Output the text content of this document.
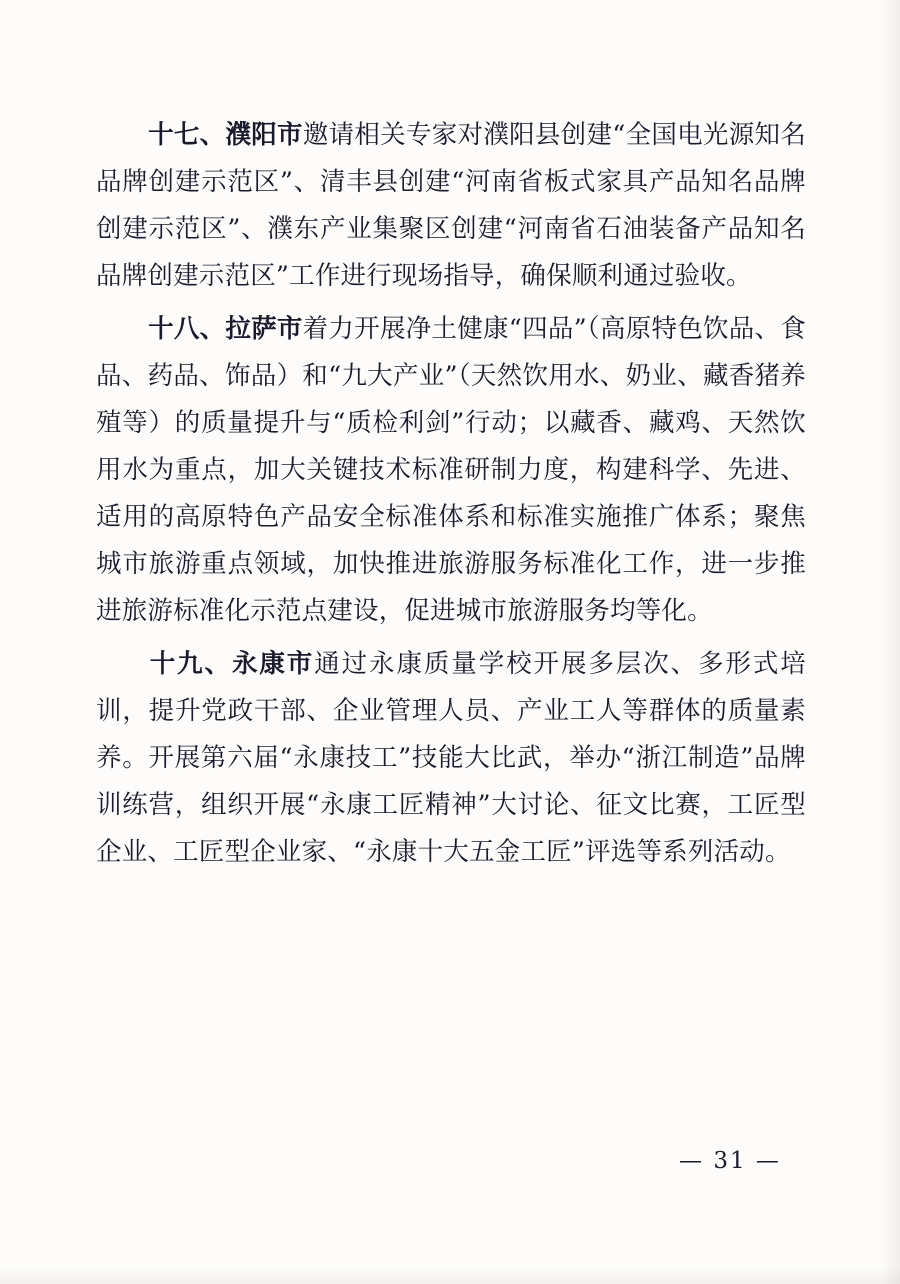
十七、濮阳市邀请相关专家对濮阳县创建“全国电光源知名品牌创建示范区”、清丰县创建“河南省板式家具产品知名品牌创建示范区”、濮东产业集聚区创建“河南省石油装备产品知名品牌创建示范区”工作进行现场指导，确保顺利通过验收。

十八、拉萨市着力开展净土健康“四品”（高原特色饮品、食品、药品、饰品）和“九大产业”（天然饮用水、奶业、藏香猪养殖等）的质量提升与“质检利剑”行动；以藏香、藏鸡、天然饮用水为重点，加大关键技术标准研制力度，构建科学、先进、适用的高原特色产品安全标准体系和标准实施推广体系；聚焦城市旅游重点领域，加快推进旅游服务标准化工作，进一步推进旅游标准化示范点建设，促进城市旅游服务均等化。

十九、永康市通过永康质量学校开展多层次、多形式培训，提升党政干部、企业管理人员、产业工人等群体的质量素养。开展第六届“永康技工”技能大比武，举办“浙江制造”品牌训练营，组织开展“永康工匠精神”大讨论、征文比赛，工匠型企业、工匠型企业家、“永康十大五金工匠”评选等系列活动。

— 31 —
